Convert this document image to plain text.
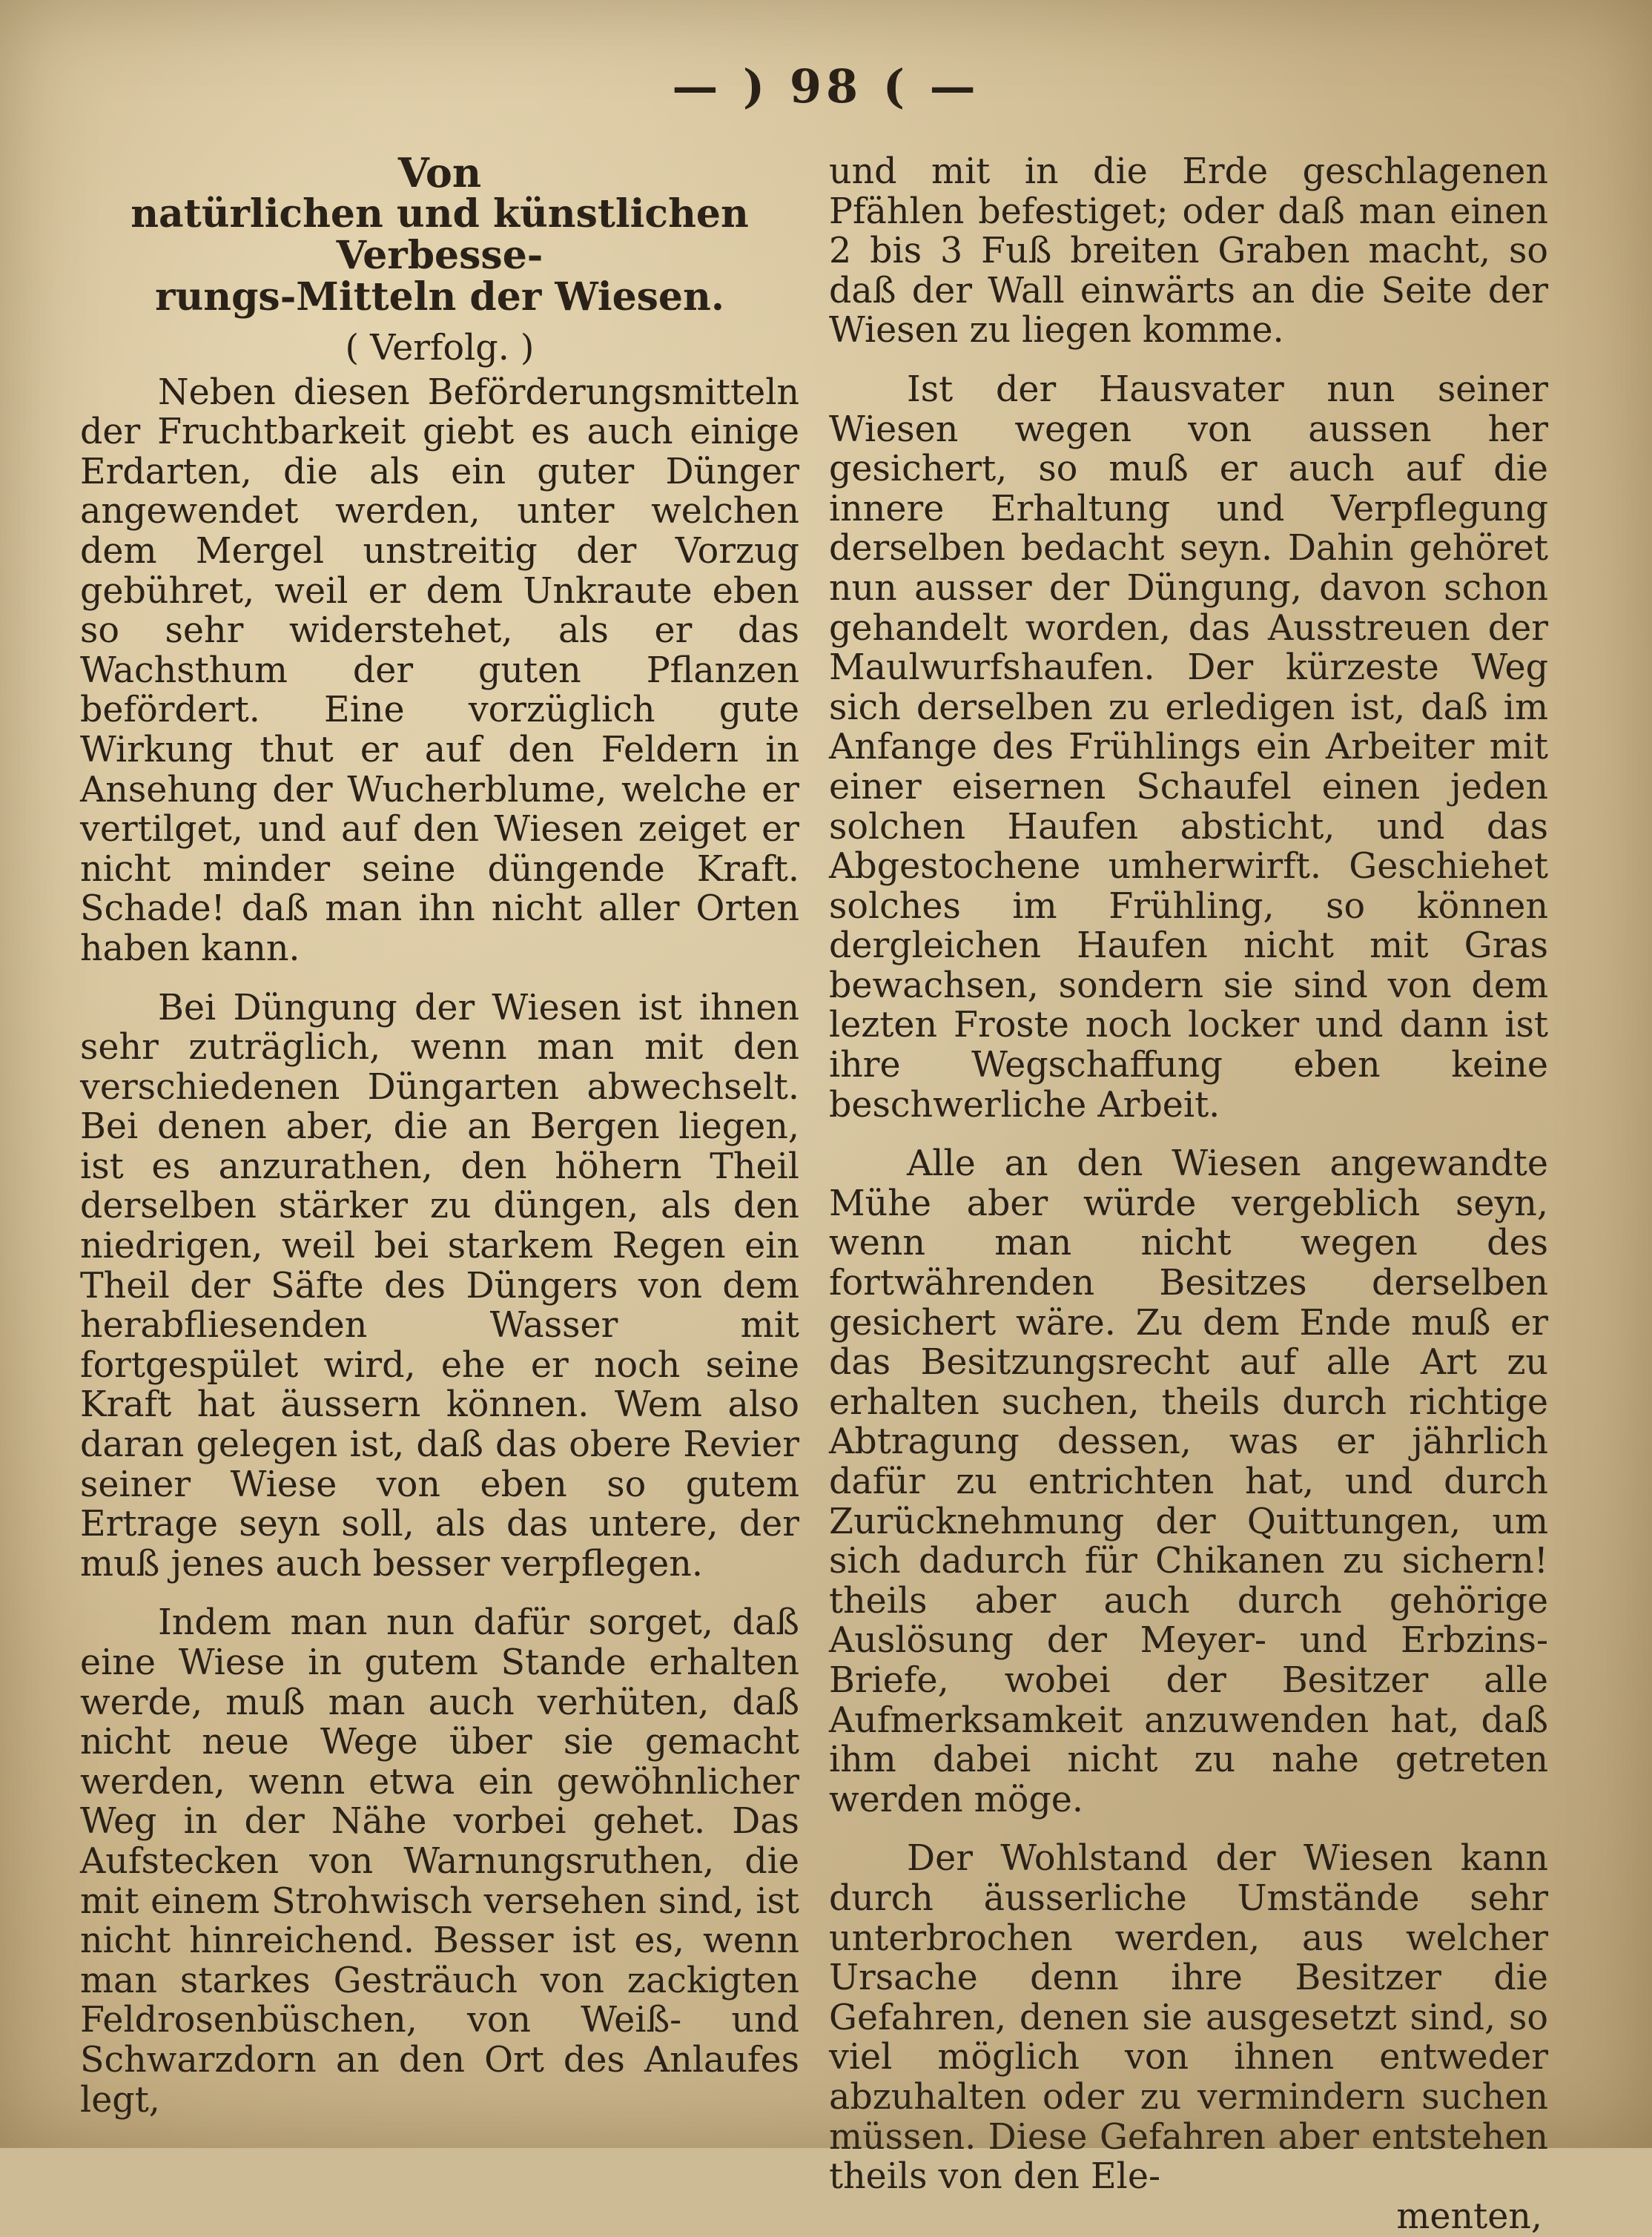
— ) 98 ( —

Von

natürlichen und künstlichen Verbesse-

rungs-Mitteln der Wiesen.

( Verfolg. )

Neben diesen Beförderungsmitteln der Fruchtbarkeit giebt es auch einige Erdarten, die als ein guter Dünger angewendet werden, unter welchen dem Mergel unstreitig der Vorzug gebühret, weil er dem Unkraute eben so sehr widerstehet, als er das Wachsthum der guten Pflanzen befördert. Eine vorzüglich gute Wirkung thut er auf den Feldern in Ansehung der Wucherblume, welche er vertilget, und auf den Wiesen zeiget er nicht minder seine düngende Kraft. Schade! daß man ihn nicht aller Orten haben kann.

Bei Düngung der Wiesen ist ihnen sehr zuträglich, wenn man mit den verschiedenen Düngarten abwechselt. Bei denen aber, die an Bergen liegen, ist es anzurathen, den höhern Theil derselben stärker zu düngen, als den niedrigen, weil bei starkem Regen ein Theil der Säfte des Düngers von dem herabfliesenden Wasser mit fortgespület wird, ehe er noch seine Kraft hat äussern können. Wem also daran gelegen ist, daß das obere Revier seiner Wiese von eben so gutem Ertrage seyn soll, als das untere, der muß jenes auch besser verpflegen.

Indem man nun dafür sorget, daß eine Wiese in gutem Stande erhalten werde, muß man auch verhüten, daß nicht neue Wege über sie gemacht werden, wenn etwa ein gewöhnlicher Weg in der Nähe vorbei gehet. Das Aufstecken von Warnungsruthen, die mit einem Strohwisch versehen sind, ist nicht hinreichend. Besser ist es, wenn man starkes Gesträuch von zackigten Feldrosenbüschen, von Weiß- und Schwarzdorn an den Ort des Anlaufes legt,

und mit in die Erde geschlagenen Pfählen befestiget; oder daß man einen 2 bis 3 Fuß breiten Graben macht, so daß der Wall einwärts an die Seite der Wiesen zu liegen komme.

Ist der Hausvater nun seiner Wiesen wegen von aussen her gesichert, so muß er auch auf die innere Erhaltung und Verpflegung derselben bedacht seyn. Dahin gehöret nun ausser der Düngung, davon schon gehandelt worden, das Ausstreuen der Maulwurfshaufen. Der kürzeste Weg sich derselben zu erledigen ist, daß im Anfange des Frühlings ein Arbeiter mit einer eisernen Schaufel einen jeden solchen Haufen absticht, und das Abgestochene umherwirft. Geschiehet solches im Frühling, so können dergleichen Haufen nicht mit Gras bewachsen, sondern sie sind von dem lezten Froste noch locker und dann ist ihre Wegschaffung eben keine beschwerliche Arbeit.

Alle an den Wiesen angewandte Mühe aber würde vergeblich seyn, wenn man nicht wegen des fortwährenden Besitzes derselben gesichert wäre. Zu dem Ende muß er das Besitzungsrecht auf alle Art zu erhalten suchen, theils durch richtige Abtragung dessen, was er jährlich dafür zu entrichten hat, und durch Zurücknehmung der Quittungen, um sich dadurch für Chikanen zu sichern! theils aber auch durch gehörige Auslösung der Meyer- und Erbzins-Briefe, wobei der Besitzer alle Aufmerksamkeit anzuwenden hat, daß ihm dabei nicht zu nahe getreten werden möge.

Der Wohlstand der Wiesen kann durch äusserliche Umstände sehr unterbrochen werden, aus welcher Ursache denn ihre Besitzer die Gefahren, denen sie ausgesetzt sind, so viel möglich von ihnen entweder abzuhalten oder zu vermindern suchen müssen. Diese Gefahren aber entstehen theils von den Ele-

menten,
